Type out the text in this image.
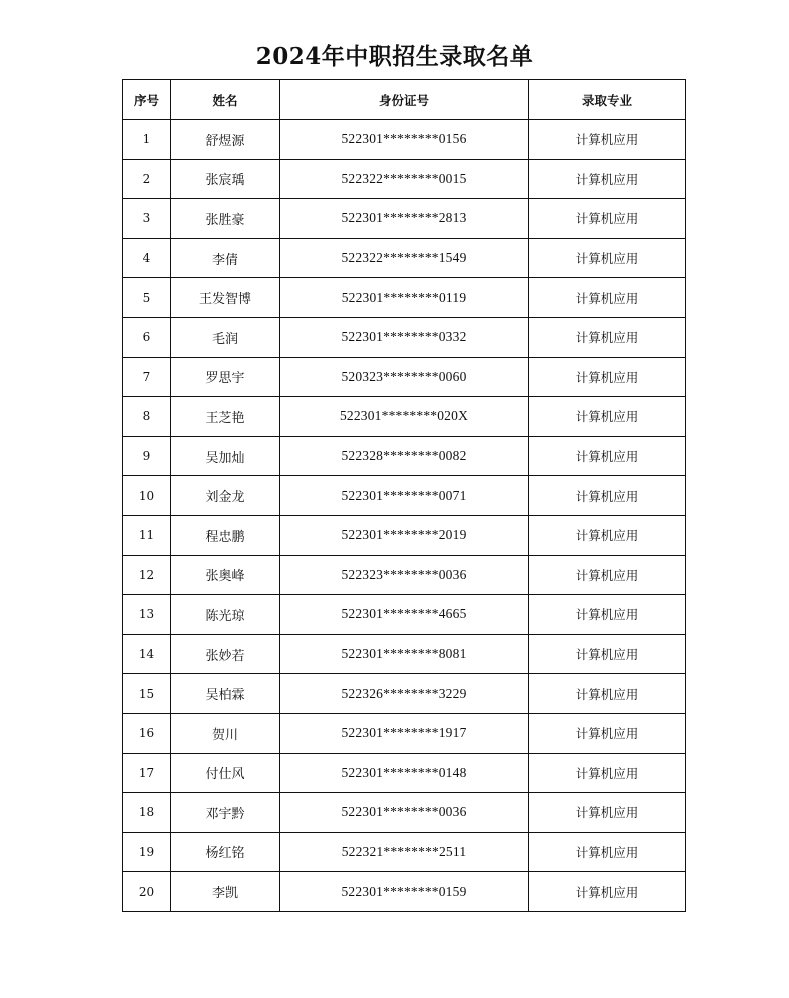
2024年中职招生录取名单
序号	姓名	身份证号	录取专业
1	舒煜源	522301********0156	计算机应用
2	张宸瑀	522322********0015	计算机应用
3	张胜豪	522301********2813	计算机应用
4	李倩	522322********1549	计算机应用
5	王发智博	522301********0119	计算机应用
6	毛润	522301********0332	计算机应用
7	罗思宇	520323********0060	计算机应用
8	王芝艳	522301********020X	计算机应用
9	吴加灿	522328********0082	计算机应用
10	刘金龙	522301********0071	计算机应用
11	程忠鹏	522301********2019	计算机应用
12	张奥峰	522323********0036	计算机应用
13	陈光琼	522301********4665	计算机应用
14	张妙若	522301********8081	计算机应用
15	吴柏霖	522326********3229	计算机应用
16	贺川	522301********1917	计算机应用
17	付仕风	522301********0148	计算机应用
18	邓宇黔	522301********0036	计算机应用
19	杨红铭	522321********2511	计算机应用
20	李凯	522301********0159	计算机应用
